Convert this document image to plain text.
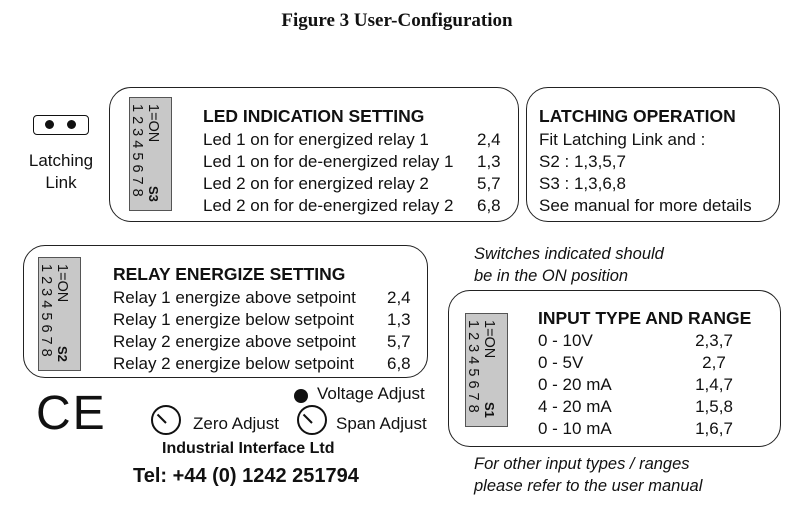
Figure 3 User-Configuration
Latching
Link
1=ON
1 2 3 4 5 6 7 8 S3
LED INDICATION SETTING
Led 1 on for energized relay 1	2,4
Led 1 on for de-energized relay 1 1,3
Led 2 on for energized relay 2	5,7
Led 2 on for de-energized relay 2 6,8
LATCHING OPERATION
Fit Latching Link and :
S2 : 1,3,5,7
S3 : 1,3,6,8
See manual for more details
Switches indicated should
be in the ON position
1=ON
1 2 3 4 5 6 7 8 S2
RELAY ENERGIZE SETTING
Relay 1 energize above setpoint 2,4
Relay 1 energize below setpoint 1,3
Relay 2 energize above setpoint 5,7
Relay 2 energize below setpoint 6,8
1=ON
1 2 3 4 5 6 7 8 S1
INPUT TYPE AND RANGE
0 - 10V	2,3,7
0 - 5V	2,7
0 - 20 mA	1,4,7
4 - 20 mA	1,5,8
0 - 10 mA	1,6,7
CE	Voltage Adjust
Zero Adjust	Span Adjust
Industrial Interface Ltd
Tel: +44 (0) 1242 251794
For other input types / ranges
please refer to the user manual
